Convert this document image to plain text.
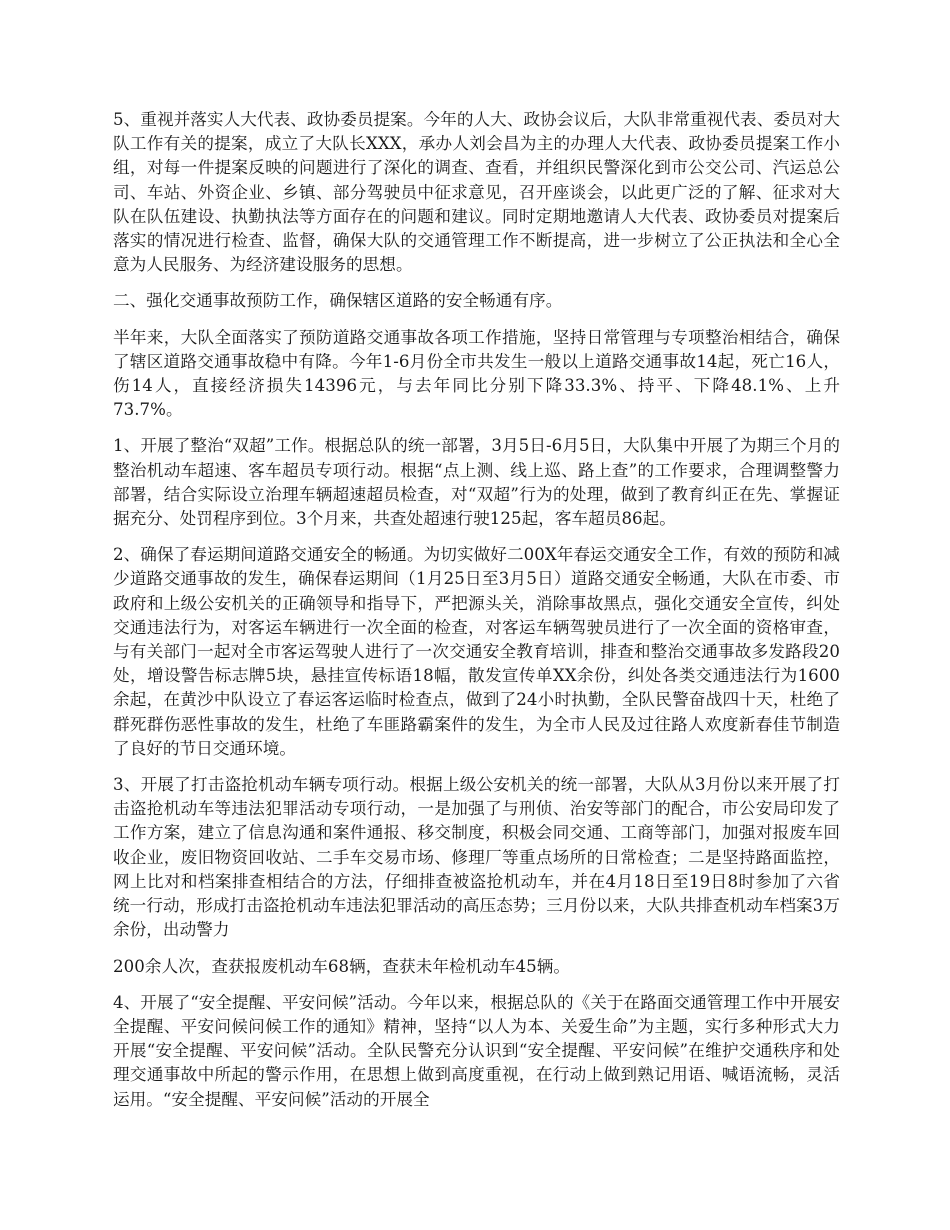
5、重视并落实人大代表、政协委员提案。今年的人大、政协会议后，大队非常重视代表、委员对大队工作有关的提案，成立了大队长XXX，承办人刘会昌为主的办理人大代表、政协委员提案工作小组，对每一件提案反映的问题进行了深化的调查、查看，并组织民警深化到市公交公司、汽运总公司、车站、外资企业、乡镇、部分驾驶员中征求意见，召开座谈会，以此更广泛的了解、征求对大队在队伍建设、执勤执法等方面存在的问题和建议。同时定期地邀请人大代表、政协委员对提案后落实的情况进行检查、监督，确保大队的交通管理工作不断提高，进一步树立了公正执法和全心全意为人民服务、为经济建设服务的思想。

二、强化交通事故预防工作，确保辖区道路的安全畅通有序。

半年来，大队全面落实了预防道路交通事故各项工作措施，坚持日常管理与专项整治相结合，确保了辖区道路交通事故稳中有降。今年1-6月份全市共发生一般以上道路交通事故14起，死亡16人，伤14人，直接经济损失14396元，与去年同比分别下降33.3%、持平、下降48.1%、上升73.7%。

1、开展了整治“双超”工作。根据总队的统一部署，3月5日-6月5日，大队集中开展了为期三个月的整治机动车超速、客车超员专项行动。根据“点上测、线上巡、路上查”的工作要求，合理调整警力部署，结合实际设立治理车辆超速超员检查，对“双超”行为的处理，做到了教育纠正在先、掌握证据充分、处罚程序到位。3个月来，共查处超速行驶125起，客车超员86起。

2、确保了春运期间道路交通安全的畅通。为切实做好二00X年春运交通安全工作，有效的预防和减少道路交通事故的发生，确保春运期间（1月25日至3月5日）道路交通安全畅通，大队在市委、市政府和上级公安机关的正确领导和指导下，严把源头关，消除事故黑点，强化交通安全宣传，纠处交通违法行为，对客运车辆进行一次全面的检查，对客运车辆驾驶员进行了一次全面的资格审查，与有关部门一起对全市客运驾驶人进行了一次交通安全教育培训，排查和整治交通事故多发路段20处，增设警告标志牌5块，悬挂宣传标语18幅，散发宣传单XX余份，纠处各类交通违法行为1600余起，在黄沙中队设立了春运客运临时检查点，做到了24小时执勤，全队民警奋战四十天，杜绝了群死群伤恶性事故的发生，杜绝了车匪路霸案件的发生，为全市人民及过往路人欢度新春佳节制造了良好的节日交通环境。

3、开展了打击盗抢机动车辆专项行动。根据上级公安机关的统一部署，大队从3月份以来开展了打击盗抢机动车等违法犯罪活动专项行动，一是加强了与刑侦、治安等部门的配合，市公安局印发了工作方案，建立了信息沟通和案件通报、移交制度，积极会同交通、工商等部门，加强对报废车回收企业，废旧物资回收站、二手车交易市场、修理厂等重点场所的日常检查；二是坚持路面监控，网上比对和档案排查相结合的方法，仔细排查被盗抢机动车，并在4月18日至19日8时参加了六省统一行动，形成打击盗抢机动车违法犯罪活动的高压态势；三月份以来，大队共排查机动车档案3万余份，出动警力

200余人次，查获报废机动车68辆，查获未年检机动车45辆。

4、开展了“安全提醒、平安问候”活动。今年以来，根据总队的《关于在路面交通管理工作中开展安全提醒、平安问候问候工作的通知》精神，坚持“以人为本、关爱生命”为主题，实行多种形式大力开展“安全提醒、平安问候”活动。全队民警充分认识到“安全提醒、平安问候”在维护交通秩序和处理交通事故中所起的警示作用，在思想上做到高度重视，在行动上做到熟记用语、喊语流畅，灵活运用。“安全提醒、平安问候”活动的开展全
